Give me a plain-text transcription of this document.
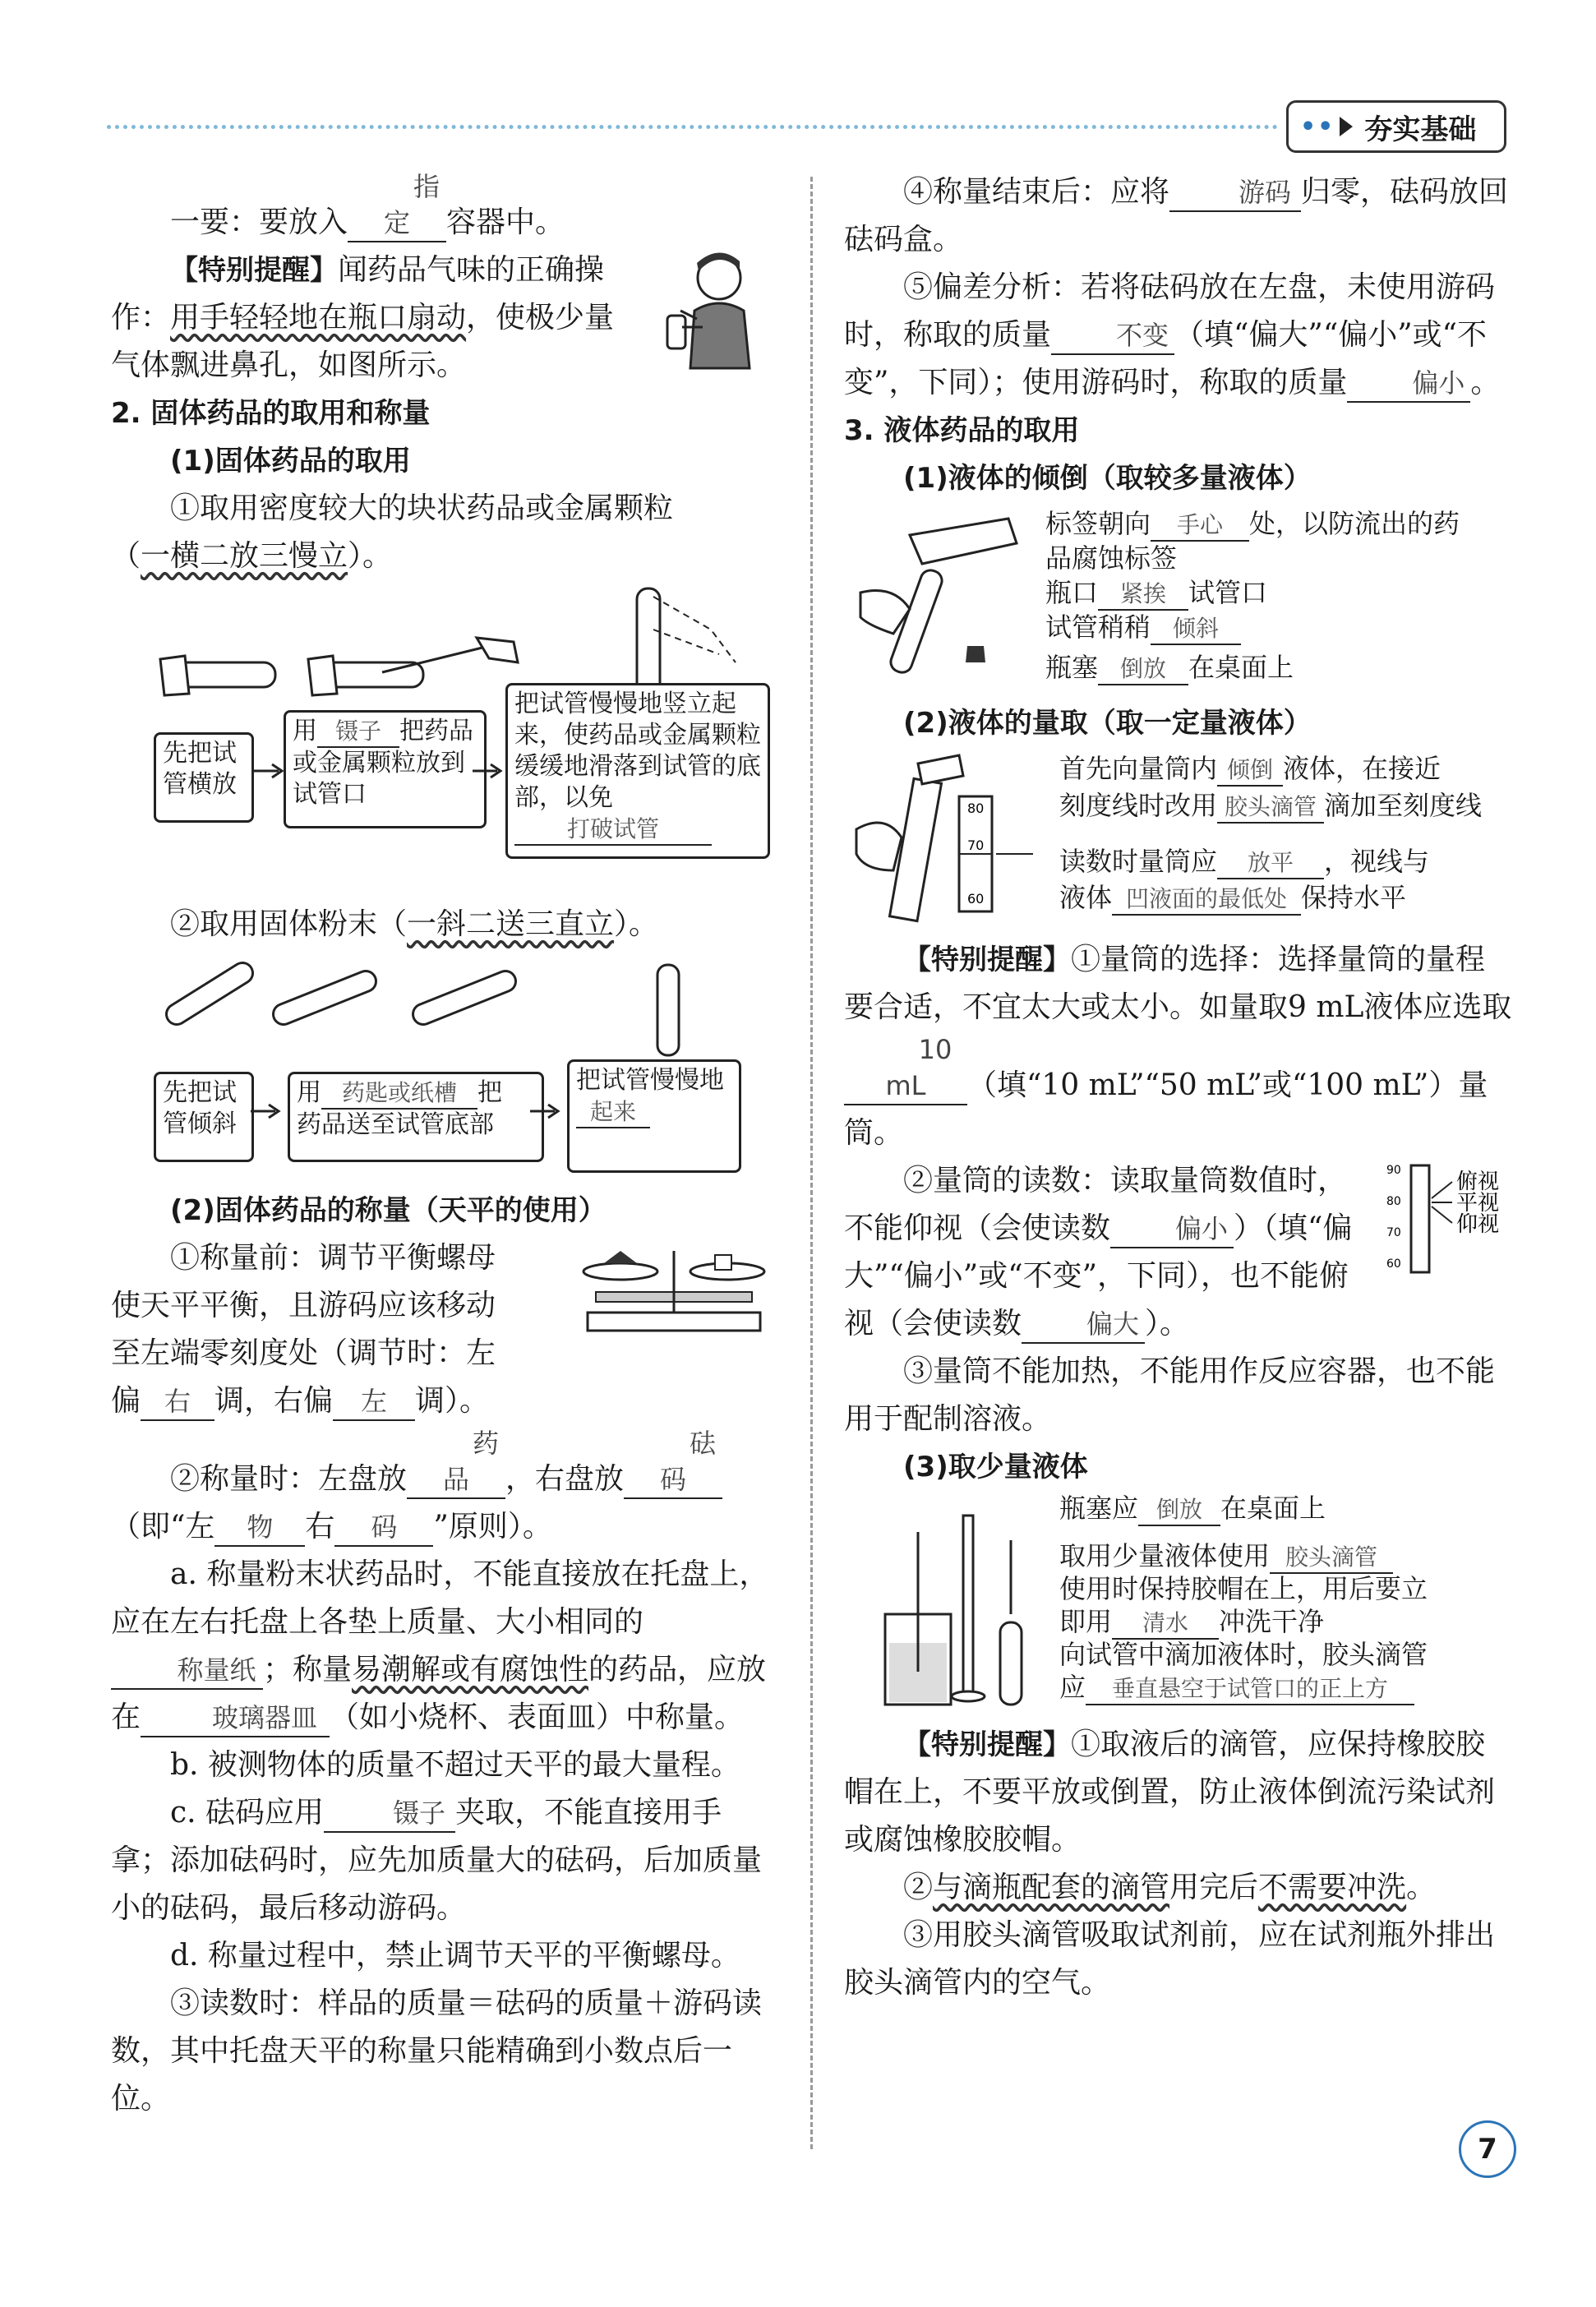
•• 夯实基础

一要：要放入指定 容器中。

【特别提醒】闻药品气味的正确操

作：用手轻轻地在瓶口扇动，使极少量

气体飘进鼻孔，如图所示。

2. 固体药品的取用和称量

(1)固体药品的取用

①取用密度较大的块状药品或金属颗粒

（一横二放三慢立）。

先把试管横放
用 镊子 把药品或金属颗粒放到试管口
把试管慢慢地竖立起来，使药品或金属颗粒缓缓地滑落到试管的底部，以免打破试管

②取用固体粉末（一斜二送三直立）。

先把试管倾斜
用 药匙或纸槽 把
药品送至试管底部
把试管慢慢地
起来

(2)固体药品的称量（天平的使用）

①称量前：调节平衡螺母

使天平平衡，且游码应该移动

至左端零刻度处（调节时：左

偏 右 调，右偏 左 调）。

②称量时：左盘放药品 ，右盘放砝码

（即“左 物 右 码 ”原则）。

a. 称量粉末状药品时，不能直接放在托盘上，应在左右托盘上各垫上质量、大小相同的
称量纸 ；称量易潮解或有腐蚀性的药品，应放在	玻璃器皿 （如小烧杯、表面皿）中称量。

b. 被测物体的质量不超过天平的最大量程。

c. 砝码应用	镊子 夹取，不能直接用手拿；添加砝码时，应先加质量大的砝码，后加质量小的砝码，最后移动游码。

d. 称量过程中，禁止调节天平的平衡螺母。

③读数时：样品的质量＝砝码的质量＋游码读数，其中托盘天平的称量只能精确到小数点后一位。

④称量结束后：应将	游码 归零，砝码放回砝码盒。

⑤偏差分析：若将砝码放在左盘，未使用游码时，称取的质量 不变 （填“偏大”“偏小”或“不变”，下同）；使用游码时，称取的质量 偏小 。

3. 液体药品的取用

(1)液体的倾倒（取较多量液体）

标签朝向 手心 处，以防流出的药
品腐蚀标签
瓶口 紧挨 试管口
试管稍稍 倾斜
瓶塞 倒放 在桌面上

(2)液体的量取（取一定量液体）

80
70
60
首先向量筒内 倾倒 液体，在接近
刻度线时改用 胶头滴管 滴加至刻度线
读数时量筒应 放平 ，视线与
液体 凹液面的最低处 保持水平

【特别提醒】①量筒的选择：选择量筒的量程要合适，不宜太大或太小。如量取9 mL液体应选取10 mL （填“10 mL”“50 mL”或“100 mL”）量筒。

②量筒的读数：读取量筒数值时，不能仰视（会使读数 偏小 ）（填“偏大”“偏小”或“不变”，下同），也不能俯视（会使读数 偏大 ）。

90
80
70
60
俯视
平视
仰视

③量筒不能加热，不能用作反应容器，也不能用于配制溶液。

(3)取少量液体

瓶塞应 倒放 在桌面上
取用少量液体使用 胶头滴管
使用时保持胶帽在上，用后要立
即用 清水 冲洗干净
向试管中滴加液体时，胶头滴管
应 垂直悬空于试管口的正上方

【特别提醒】①取液后的滴管，应保持橡胶胶帽在上，不要平放或倒置，防止液体倒流污染试剂或腐蚀橡胶胶帽。

②与滴瓶配套的滴管用完后不需要冲洗。

③用胶头滴管吸取试剂前，应在试剂瓶外排出胶头滴管内的空气。

7
